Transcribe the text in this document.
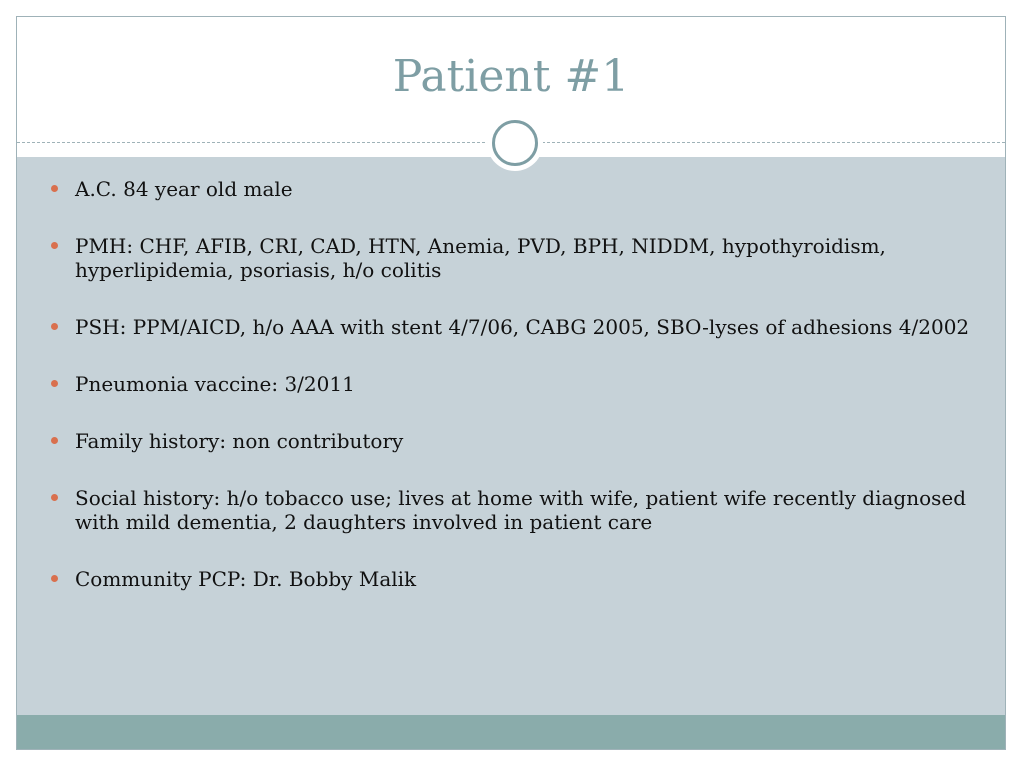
Patient #1
A.C. 84 year old male
PMH: CHF, AFIB, CRI, CAD, HTN, Anemia, PVD, BPH, NIDDM, hypothyroidism, hyperlipidemia, psoriasis, h/o colitis
PSH: PPM/AICD, h/o AAA with stent 4/7/06, CABG 2005, SBO-lyses of adhesions 4/2002
Pneumonia vaccine: 3/2011
Family history: non contributory
Social history: h/o tobacco use; lives at home with wife, patient wife recently diagnosed with mild dementia, 2 daughters involved in patient care
Community PCP: Dr. Bobby Malik
